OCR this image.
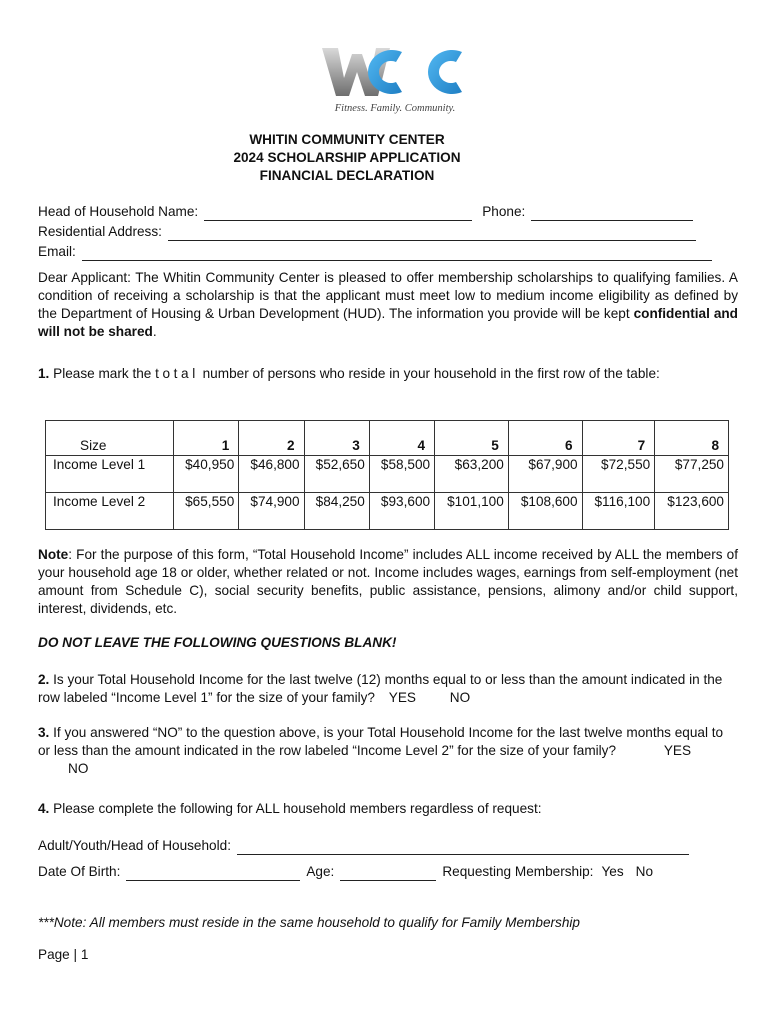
Fitness. Family. Community.
WHITIN COMMUNITY CENTER
2024 SCHOLARSHIP APPLICATION
FINANCIAL DECLARATION
Head of Household Name:	Phone:
Residential Address:
Email:
Dear Applicant: The Whitin Community Center is pleased to offer membership scholarships to qualifying families. A condition of receiving a scholarship is that the applicant must meet low to medium income eligibility as defined by the Department of Housing & Urban Development (HUD). The information you provide will be kept confidential and will not be shared.
1. Please mark the total number of persons who reside in your household in the first row of the table:
Size	1	2	3	4	5	6	7	8
Income Level 1	$40,950	$46,800	$52,650	$58,500	$63,200	$67,900	$72,550	$77,250
Income Level 2	$65,550	$74,900	$84,250	$93,600	$101,100	$108,600	$116,100	$123,600
Note: For the purpose of this form, “Total Household Income” includes ALL income received by ALL the members of your household age 18 or older, whether related or not. Income includes wages, earnings from self-employment (net amount from Schedule C), social security benefits, public assistance, pensions, alimony and/or child support, interest, dividends, etc.
DO NOT LEAVE THE FOLLOWING QUESTIONS BLANK!
2. Is your Total Household Income for the last twelve (12) months equal to or less than the amount indicated in the row labeled “Income Level 1” for the size of your family? YES NO
3. If you answered “NO” to the question above, is your Total Household Income for the last twelve months equal to or less than the amount indicated in the row labeled “Income Level 2” for the size of your family?	YES NO
4. Please complete the following for ALL household members regardless of request:
Adult/Youth/Head of Household:
Date Of Birth:	Age:	Requesting Membership: Yes No
***Note: All members must reside in the same household to qualify for Family Membership
Page | 1
